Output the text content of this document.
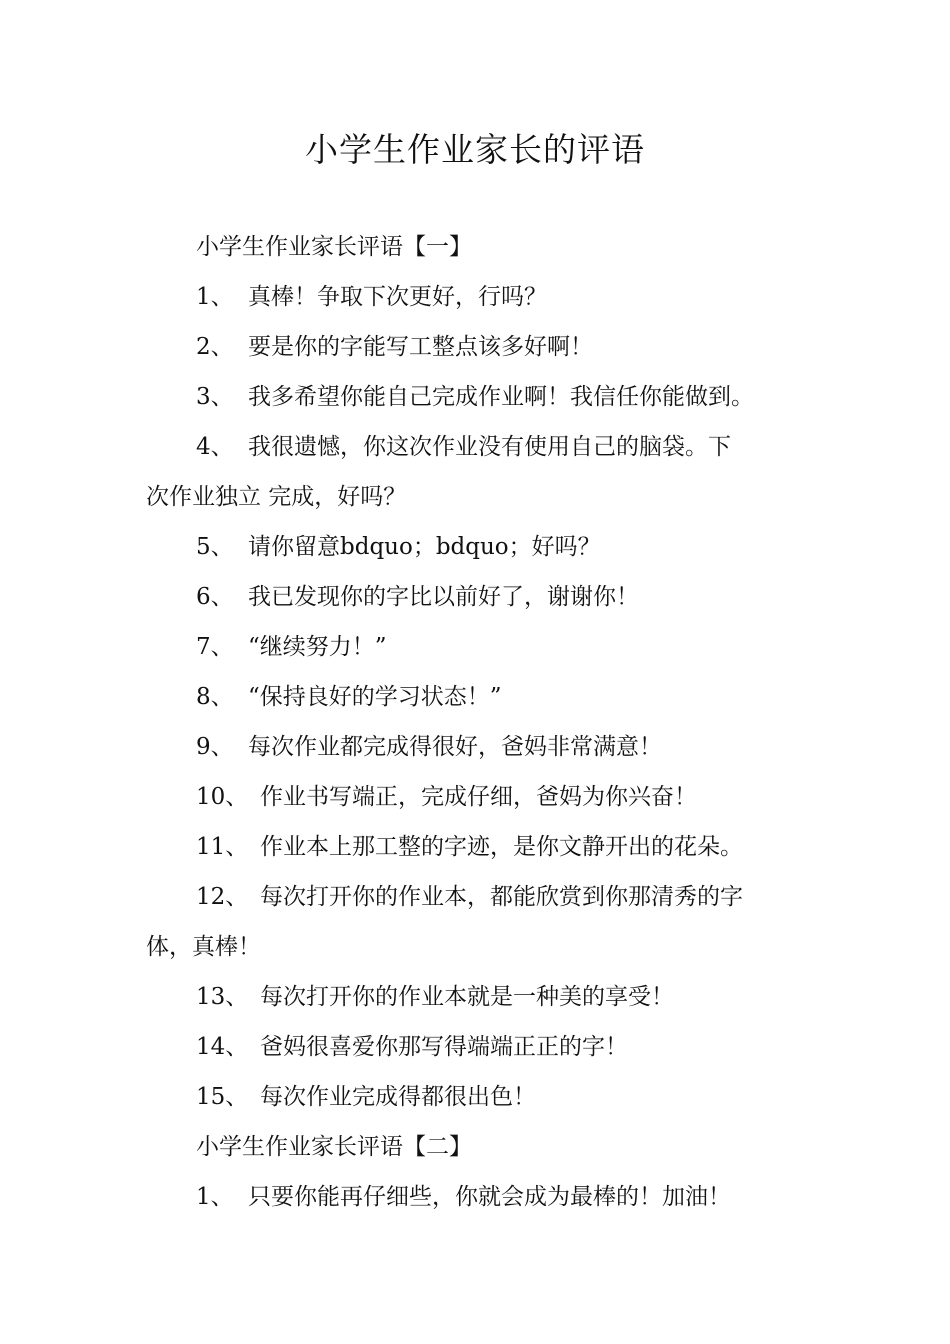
小学生作业家长的评语

小学生作业家长评语【一】

1、 真棒！争取下次更好，行吗？

2、 要是你的字能写工整点该多好啊！

3、 我多希望你能自己完成作业啊！我信任你能做到。

4、 我很遗憾，你这次作业没有使用自己的脑袋。下

次作业独立 完成，好吗？

5、 请你留意bdquo；bdquo；好吗？

6、 我已发现你的字比以前好了，谢谢你！

7、 “继续努力！”

8、 “保持良好的学习状态！”

9、 每次作业都完成得很好，爸妈非常满意！

10、 作业书写端正，完成仔细，爸妈为你兴奋！

11、 作业本上那工整的字迹，是你文静开出的花朵。

12、 每次打开你的作业本，都能欣赏到你那清秀的字

体，真棒！

13、 每次打开你的作业本就是一种美的享受！

14、 爸妈很喜爱你那写得端端正正的字！

15、 每次作业完成得都很出色！

小学生作业家长评语【二】

1、 只要你能再仔细些，你就会成为最棒的！加油！
